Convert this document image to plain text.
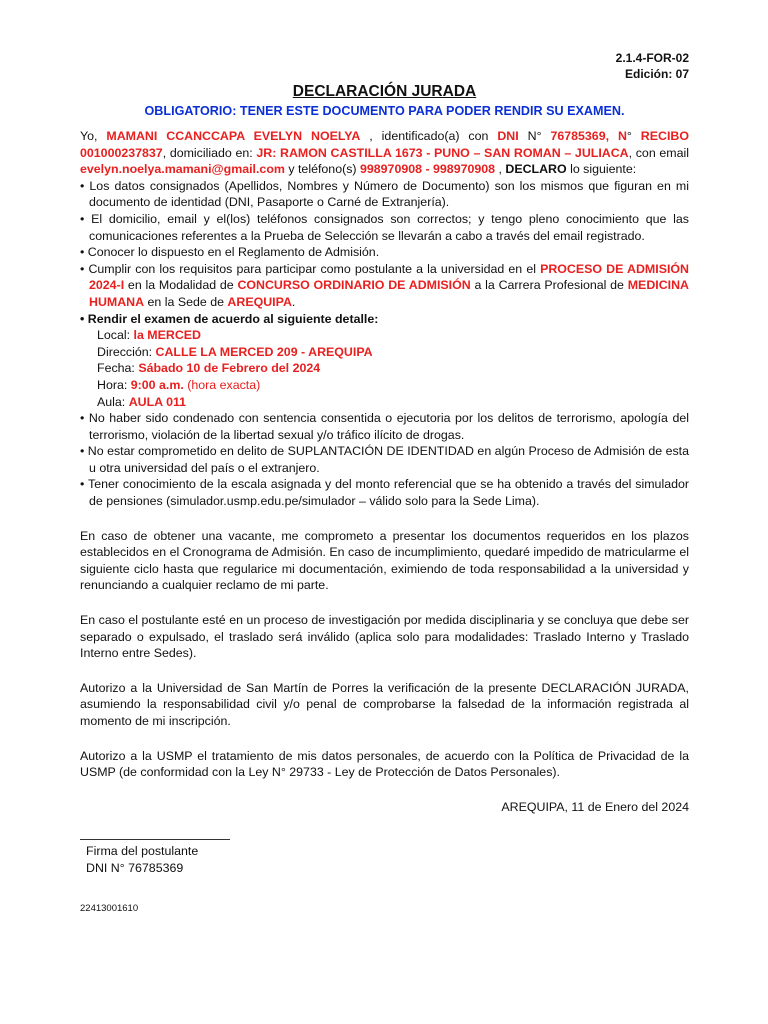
2.1.4-FOR-02
Edición: 07
DECLARACIÓN JURADA
OBLIGATORIO: TENER ESTE DOCUMENTO PARA PODER RENDIR SU EXAMEN.
Yo, MAMANI CCANCCAPA EVELYN NOELYA , identificado(a) con DNI N° 76785369, N° RECIBO 001000237837, domiciliado en: JR: RAMON CASTILLA 1673 - PUNO – SAN ROMAN – JULIACA, con email evelyn.noelya.mamani@gmail.com y teléfono(s) 998970908 - 998970908 , DECLARO lo siguiente:
• Los datos consignados (Apellidos, Nombres y Número de Documento) son los mismos que figuran en mi documento de identidad (DNI, Pasaporte o Carné de Extranjería).
• El domicilio, email y el(los) teléfonos consignados son correctos; y tengo pleno conocimiento que las comunicaciones referentes a la Prueba de Selección se llevarán a cabo a través del email registrado.
• Conocer lo dispuesto en el Reglamento de Admisión.
• Cumplir con los requisitos para participar como postulante a la universidad en el PROCESO DE ADMISIÓN 2024-I en la Modalidad de CONCURSO ORDINARIO DE ADMISIÓN a la Carrera Profesional de MEDICINA HUMANA en la Sede de AREQUIPA.
• Rendir el examen de acuerdo al siguiente detalle:
Local: la MERCED
Dirección: CALLE LA MERCED 209 - AREQUIPA
Fecha: Sábado 10 de Febrero del 2024
Hora: 9:00 a.m. (hora exacta)
Aula: AULA 011
• No haber sido condenado con sentencia consentida o ejecutoria por los delitos de terrorismo, apología del terrorismo, violación de la libertad sexual y/o tráfico ilícito de drogas.
• No estar comprometido en delito de SUPLANTACIÓN DE IDENTIDAD en algún Proceso de Admisión de esta u otra universidad del país o el extranjero.
• Tener conocimiento de la escala asignada y del monto referencial que se ha obtenido a través del simulador de pensiones (simulador.usmp.edu.pe/simulador – válido solo para la Sede Lima).
En caso de obtener una vacante, me comprometo a presentar los documentos requeridos en los plazos establecidos en el Cronograma de Admisión. En caso de incumplimiento, quedaré impedido de matricularme el siguiente ciclo hasta que regularice mi documentación, eximiendo de toda responsabilidad a la universidad y renunciando a cualquier reclamo de mi parte.
En caso el postulante esté en un proceso de investigación por medida disciplinaria y se concluya que debe ser separado o expulsado, el traslado será inválido (aplica solo para modalidades: Traslado Interno y Traslado Interno entre Sedes).
Autorizo a la Universidad de San Martín de Porres la verificación de la presente DECLARACIÓN JURADA, asumiendo la responsabilidad civil y/o penal de comprobarse la falsedad de la información registrada al momento de mi inscripción.
Autorizo a la USMP el tratamiento de mis datos personales, de acuerdo con la Política de Privacidad de la USMP (de conformidad con la Ley N° 29733 - Ley de Protección de Datos Personales).
AREQUIPA, 11 de Enero del 2024
Firma del postulante
DNI N° 76785369
22413001610
